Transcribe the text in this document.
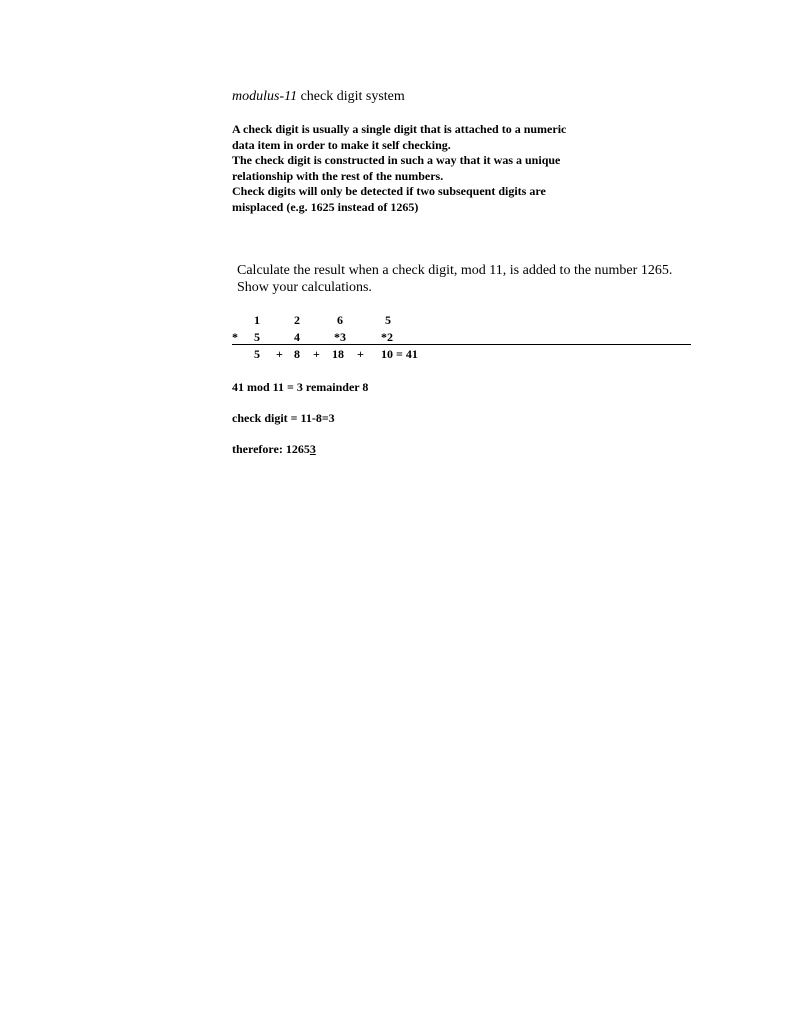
modulus-11 check digit system
A check digit is usually a single digit that is attached to a numeric
data item in order to make it self checking.
The check digit is constructed in such a way that it was a unique
relationship with the rest of the numbers.
Check digits will only be detected if two subsequent digits are
misplaced (e.g. 1625 instead of 1265)
Calculate the result when a check digit, mod 11, is added to the number 1265.
Show your calculations.
1	2	6	5
* 5	4	*3	*2
5 + 8 + 18 + 10 = 41
41 mod 11 = 3 remainder 8
check digit = 11-8=3
therefore: 12653
